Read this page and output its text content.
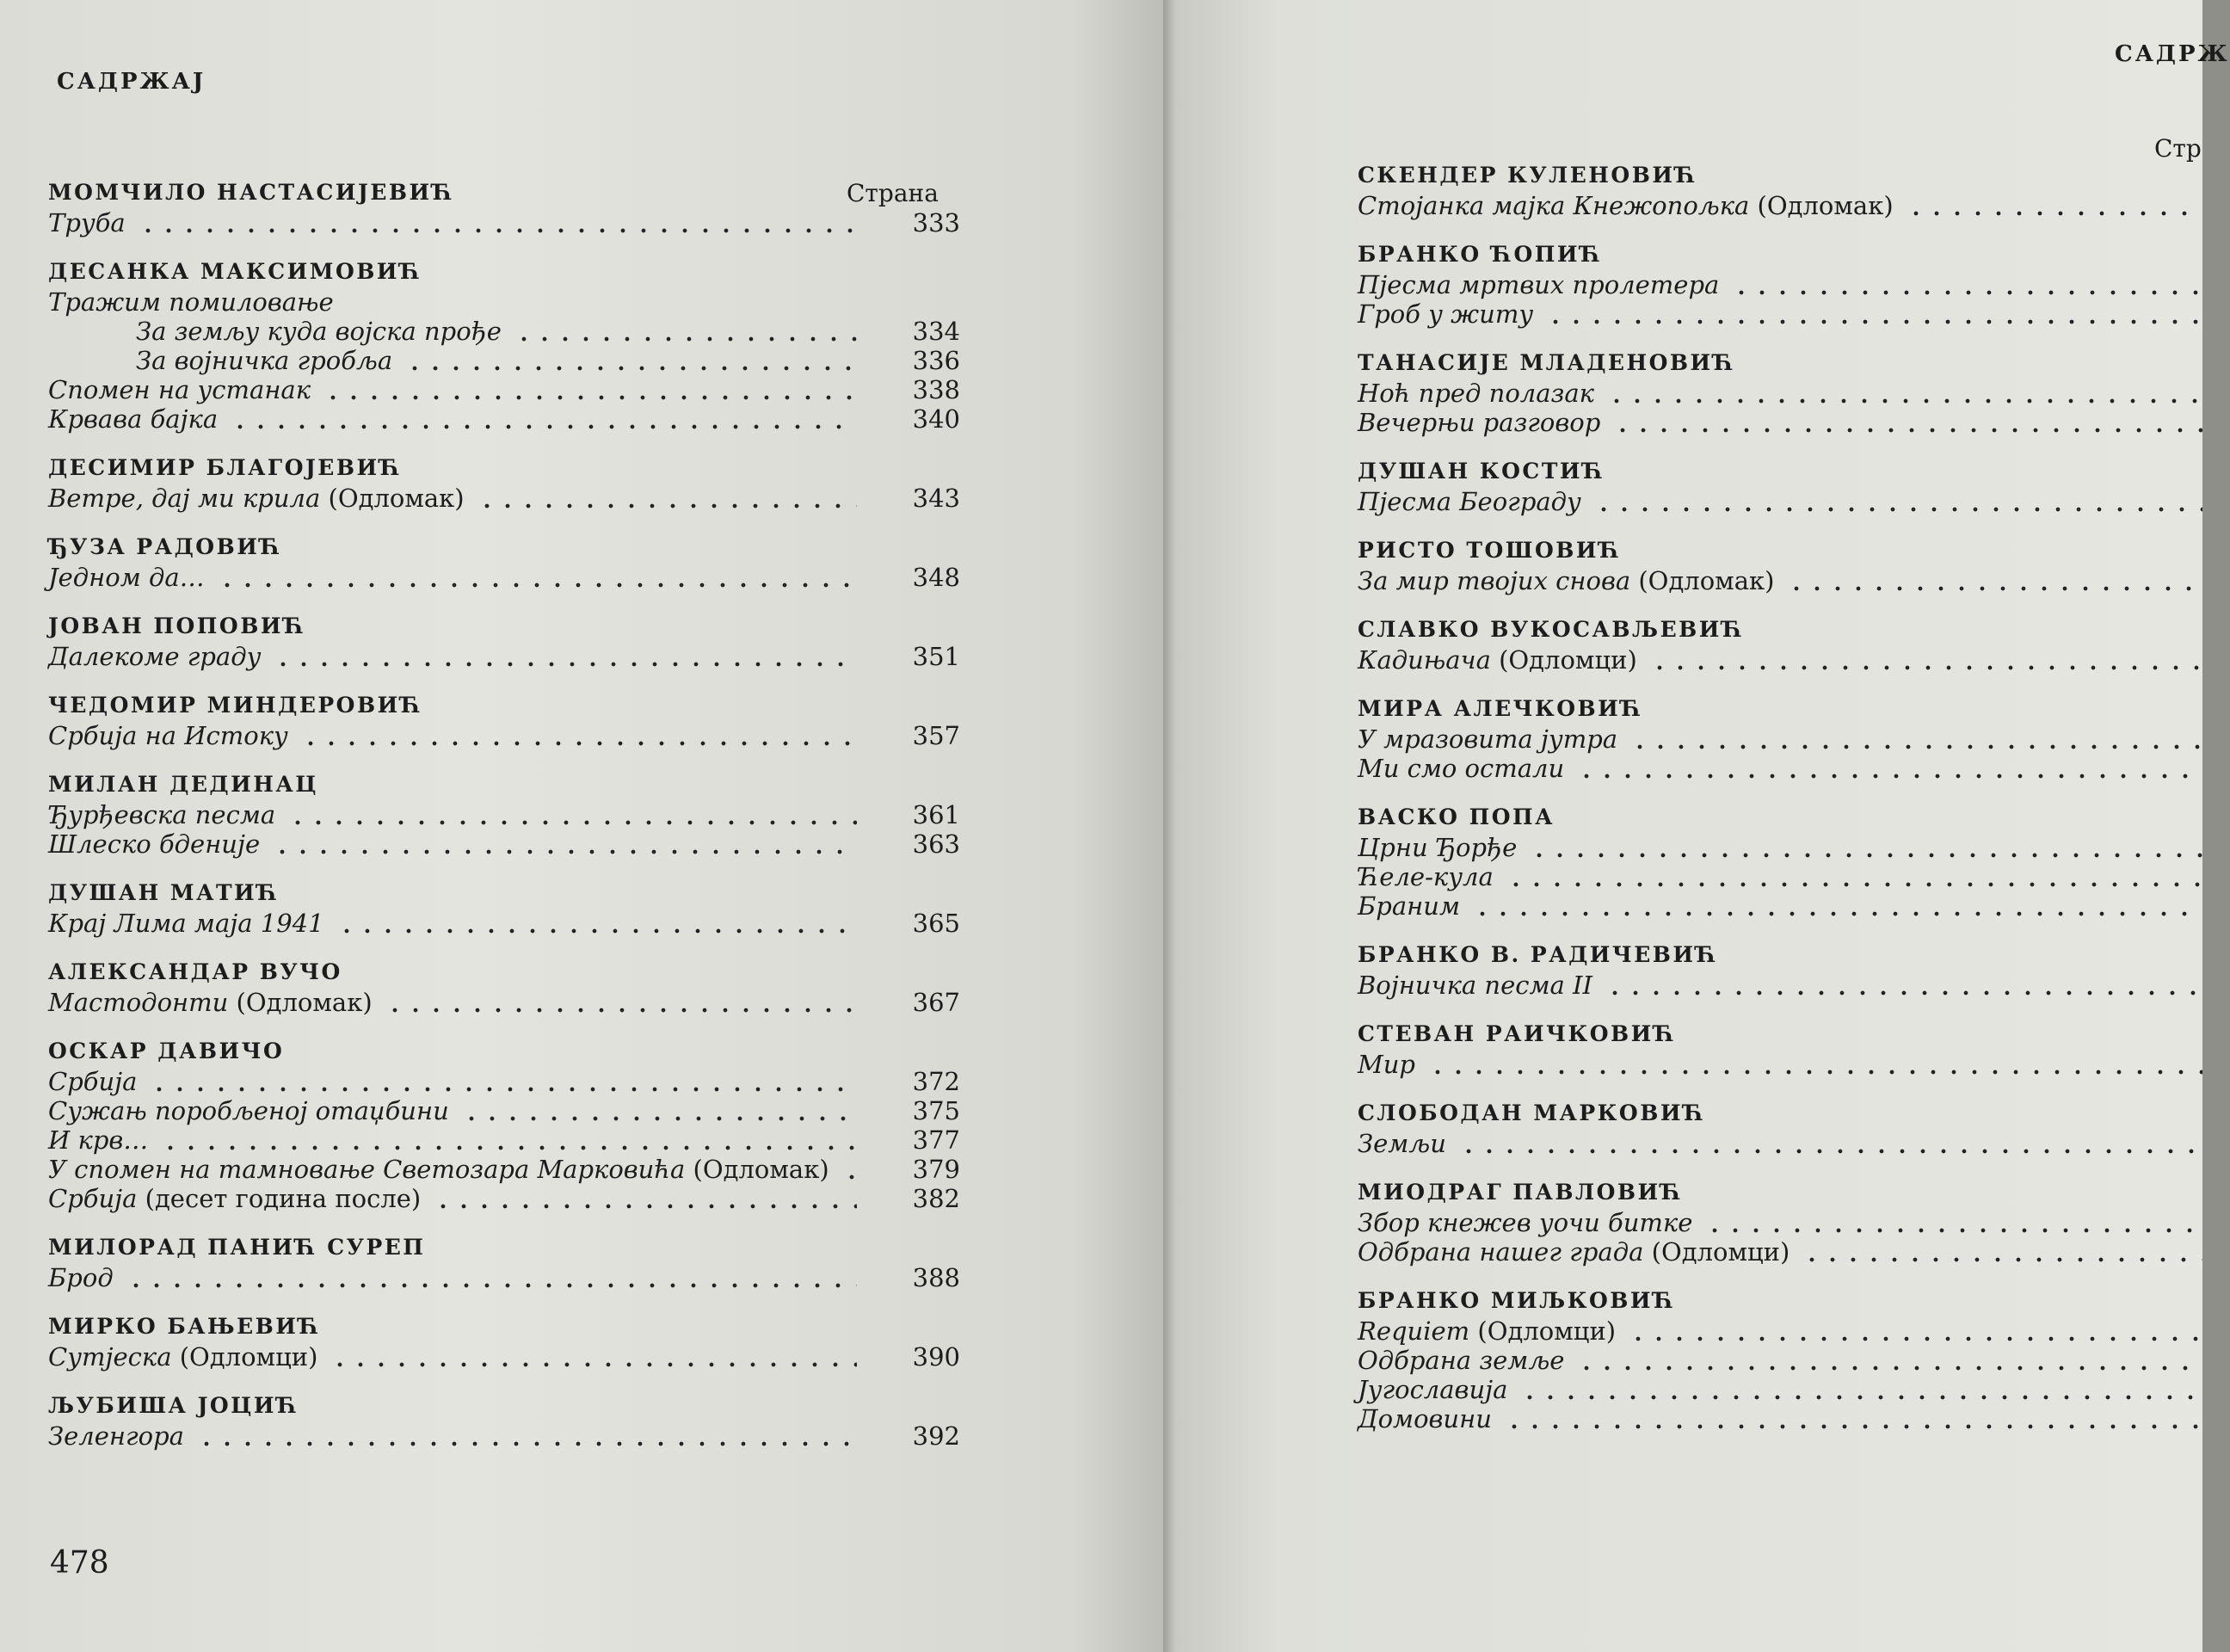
САДРЖАЈ
Страна
МОМЧИЛО НАСТАСИЈЕВИЋ
Труба	333
ДЕСАНКА МАКСИМОВИЋ
Тражим помиловање
За земљу куда војска прође	334
За војничка гробља	336
Спомен на устанак	338
Крвава бајка	340
ДЕСИМИР БЛАГОЈЕВИЋ
Ветре, дај ми крила (Одломак)	343
ЂУЗА РАДОВИЋ
Једном да…	348
ЈОВАН ПОПОВИЋ
Далекоме граду	351
ЧЕДОМИР МИНДЕРОВИЋ
Србија на Истоку	357
МИЛАН ДЕДИНАЦ
Ђурђевска песма	361
Шлеско бденије	363
ДУШАН МАТИЋ
Крај Лима маја 1941	365
АЛЕКСАНДАР ВУЧО
Мастодонти (Одломак)	367
ОСКАР ДАВИЧО
Србија	372
Сужањ поробљеној отаџбини	375
И крв…	377
У спомен на тамновање Светозара Марковића (Одломак)	379
Србија (десет година после)	382
МИЛОРАД ПАНИЋ СУРЕП
Брод	388
МИРКО БАЊЕВИЋ
Сутјеска (Одломци)	390
ЉУБИША ЈОЦИЋ
Зеленгора	392
478
САДРЖ
Стр
СКЕНДЕР КУЛЕНОВИЋ
Стојанка мајка Кнежопољка (Одломак)
БРАНКО ЋОПИЋ
Пјесма мртвих пролетера
Гроб у житу
ТАНАСИЈЕ МЛАДЕНОВИЋ
Ноћ пред полазак
Вечерњи разговор
ДУШАН КОСТИЋ
Пјесма Београду
РИСТО ТОШОВИЋ
За мир твојих снова (Одломак)
СЛАВКО ВУКОСАВЉЕВИЋ
Кадињача (Одломци)
МИРА АЛЕЧКОВИЋ
У мразовита јутра
Ми смо остали
ВАСКО ПОПА
Црни Ђорђе
Ћеле-кула
Браним
БРАНКО В. РАДИЧЕВИЋ
Војничка песма II
СТЕВАН РАИЧКОВИЋ
Мир
СЛОБОДАН МАРКОВИЋ
Земљи
МИОДРАГ ПАВЛОВИЋ
Збор кнежев уочи битке
Одбрана нашег града (Одломци)
БРАНКО МИЉКОВИЋ
Requiem (Одломци)
Одбрана земље
Југославија
Домовини
